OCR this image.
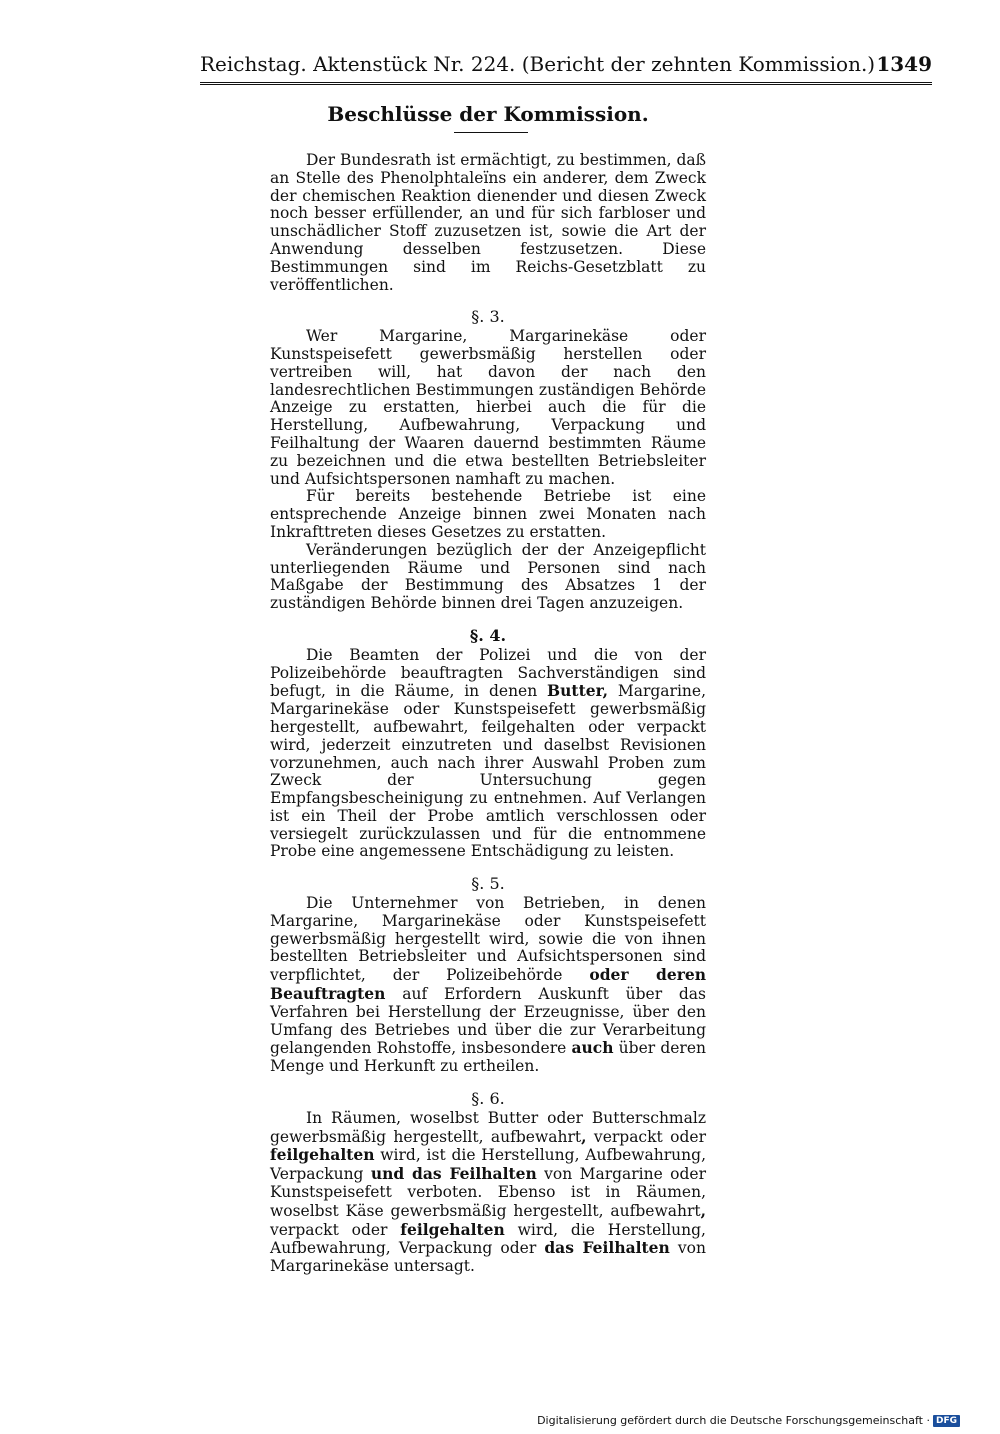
Reichstag. Aktenstück Nr. 224. (Bericht der zehnten Kommission.) 1349
Beschlüsse der Kommission.

Der Bundesrath ist ermächtigt, zu bestimmen, daß an Stelle des Phenolphtaleïns ein anderer, dem Zweck der chemischen Reaktion dienender und diesen Zweck noch besser erfüllender, an und für sich farbloser und unschädlicher Stoff zuzusetzen ist, sowie die Art der Anwendung desselben festzusetzen. Diese Bestimmungen sind im Reichs-Gesetzblatt zu veröffentlichen.

§. 3.

Wer Margarine, Margarinekäse oder Kunstspeisefett gewerbsmäßig herstellen oder vertreiben will, hat davon der nach den landesrechtlichen Bestimmungen zuständigen Behörde Anzeige zu erstatten, hierbei auch die für die Herstellung, Aufbewahrung, Verpackung und Feilhaltung der Waaren dauernd bestimmten Räume zu bezeichnen und die etwa bestellten Betriebsleiter und Aufsichtspersonen namhaft zu machen.

Für bereits bestehende Betriebe ist eine entsprechende Anzeige binnen zwei Monaten nach Inkrafttreten dieses Gesetzes zu erstatten.

Veränderungen bezüglich der der Anzeigepflicht unterliegenden Räume und Personen sind nach Maßgabe der Bestimmung des Absatzes 1 der zuständigen Behörde binnen drei Tagen anzuzeigen.

§. 4.

Die Beamten der Polizei und die von der Polizeibehörde beauftragten Sachverständigen sind befugt, in die Räume, in denen Butter, Margarine, Margarinekäse oder Kunstspeisefett gewerbsmäßig hergestellt, aufbewahrt, feilgehalten oder verpackt wird, jederzeit einzutreten und daselbst Revisionen vorzunehmen, auch nach ihrer Auswahl Proben zum Zweck der Untersuchung gegen Empfangsbescheinigung zu entnehmen. Auf Verlangen ist ein Theil der Probe amtlich verschlossen oder versiegelt zurückzulassen und für die entnommene Probe eine angemessene Entschädigung zu leisten.

§. 5.

Die Unternehmer von Betrieben, in denen Margarine, Margarinekäse oder Kunstspeisefett gewerbsmäßig hergestellt wird, sowie die von ihnen bestellten Betriebsleiter und Aufsichtspersonen sind verpflichtet, der Polizeibehörde oder deren Beauftragten auf Erfordern Auskunft über das Verfahren bei Herstellung der Erzeugnisse, über den Umfang des Betriebes und über die zur Verarbeitung gelangenden Rohstoffe, insbesondere auch über deren Menge und Herkunft zu ertheilen.

§. 6.

In Räumen, woselbst Butter oder Butterschmalz gewerbsmäßig hergestellt, aufbewahrt, verpackt oder feilgehalten wird, ist die Herstellung, Aufbewahrung, Verpackung und das Feilhalten von Margarine oder Kunstspeisefett verboten. Ebenso ist in Räumen, woselbst Käse gewerbsmäßig hergestellt, aufbewahrt, verpackt oder feilgehalten wird, die Herstellung, Aufbewahrung, Verpackung oder das Feilhalten von Margarinekäse untersagt.

Digitalisierung gefördert durch die Deutsche Forschungsgemeinschaft · DFG
